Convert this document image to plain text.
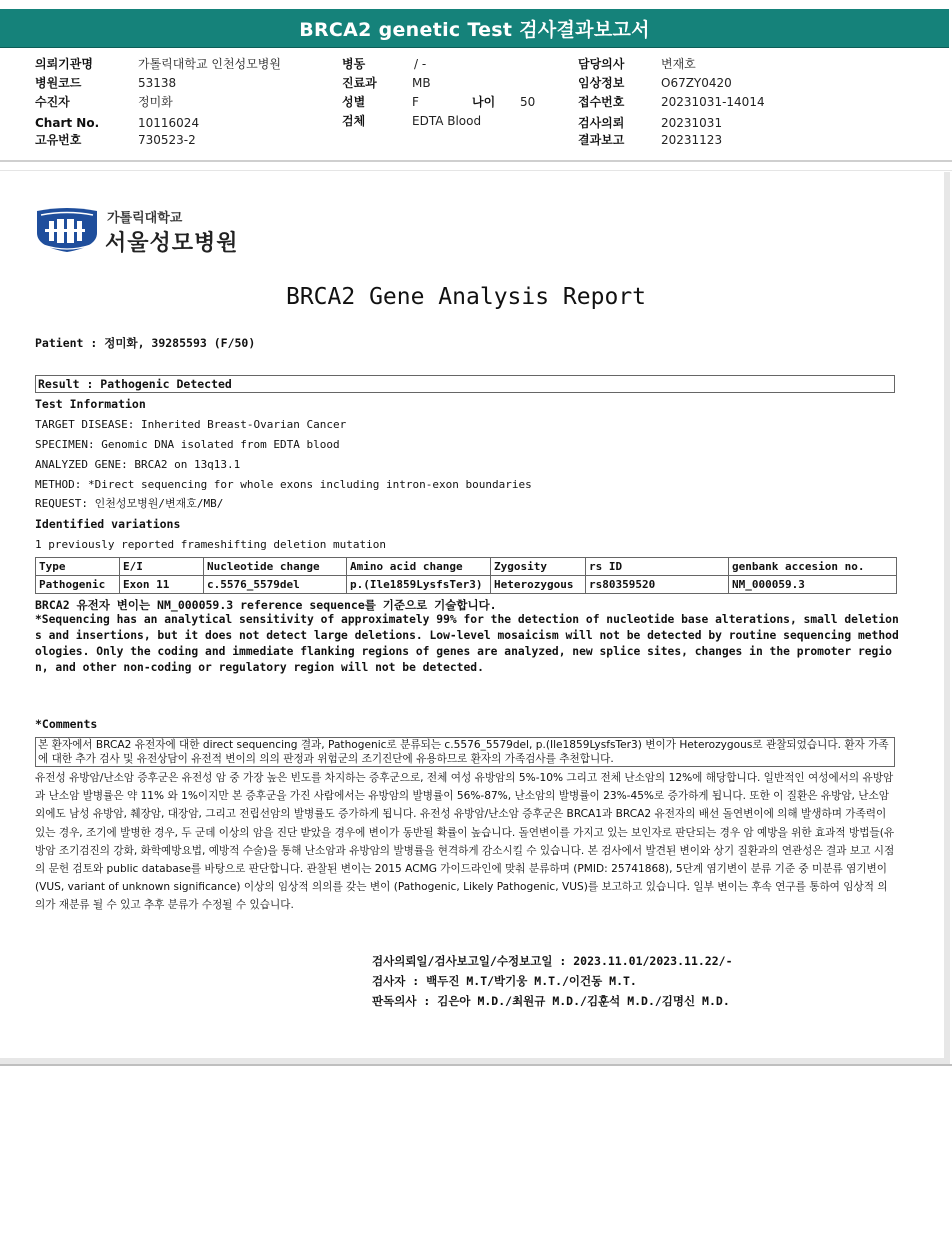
BRCA2 genetic Test 검사결과보고서
의뢰기관명	가톨릭대학교 인천성모병원
병원코드	53138
수진자	정미화
Chart No.	10116024
고유번호	730523-2
병동	/ -
진료과	MB
성별	F	나이 50
검체	EDTA Blood
담당의사	변재호
임상정보	O67ZY0420
접수번호	20231031-14014
검사의뢰	20231031
결과보고	20231123
가톨릭대학교
서울성모병원
BRCA2 Gene Analysis Report
Patient : 정미화, 39285593 (F/50)
Result : Pathogenic Detected
Test Information
TARGET DISEASE: Inherited Breast-Ovarian Cancer
SPECIMEN: Genomic DNA isolated from EDTA blood
ANALYZED GENE: BRCA2 on 13q13.1
METHOD: *Direct sequencing for whole exons including intron-exon boundaries
REQUEST: 인천성모병원/변재호/MB/
Identified variations
1 previously reported frameshifting deletion mutation
Type	E/I	Nucleotide change	Amino acid change	Zygosity	rs ID	genbank accesion no.
Pathogenic	Exon 11	c.5576_5579del	p.(Ile1859LysfsTer3)	Heterozygous	rs80359520	NM_000059.3
BRCA2 유전자 변이는 NM_000059.3 reference sequence를 기준으로 기술합니다.
*Sequencing has an analytical sensitivity of approximately 99% for the detection of nucleotide base alterations, small deletions and insertions, but it does not detect large deletions. Low-level mosaicism will not be detected by routine sequencing methodologies. Only the coding and immediate flanking regions of genes are analyzed, new splice sites, changes in the promoter region, and other non-coding or regulatory region will not be detected.
*Comments
본 환자에서 BRCA2 유전자에 대한 direct sequencing 결과, Pathogenic로 분류되는 c.5576_5579del, p.(Ile1859LysfsTer3) 변이가 Heterozygous로 관찰되었습니다. 환자 가족에 대한 추가 검사 및 유전상담이 유전적 변이의 의의 판정과 위험군의 조기진단에 유용하므로 환자의 가족검사를 추천합니다.
유전성 유방암/난소암 증후군은 유전성 암 중 가장 높은 빈도를 차지하는 증후군으로, 전체 여성 유방암의 5%-10% 그리고 전체 난소암의 12%에 해당합니다. 일반적인 여성에서의 유방암과 난소암 발병률은 약 11% 와 1%이지만 본 증후군을 가진 사람에서는 유방암의 발병률이 56%-87%, 난소암의 발병률이 23%-45%로 증가하게 됩니다. 또한 이 질환은 유방암, 난소암 외에도 남성 유방암, 췌장암, 대장암, 그리고 전립선암의 발병률도 증가하게 됩니다. 유전성 유방암/난소암 증후군은 BRCA1과 BRCA2 유전자의 배선 돌연변이에 의해 발생하며 가족력이 있는 경우, 조기에 발병한 경우, 두 군데 이상의 암을 진단 받았을 경우에 변이가 동반될 확률이 높습니다. 돌연변이를 가지고 있는 보인자로 판단되는 경우 암 예방을 위한 효과적 방법들(유방암 조기검진의 강화, 화학예방요법, 예방적 수술)을 통해 난소암과 유방암의 발병률을 현격하게 감소시킬 수 있습니다. 본 검사에서 발견된 변이와 상기 질환과의 연관성은 결과 보고 시점의 문헌 검토와 public database를 바탕으로 판단합니다. 관찰된 변이는 2015 ACMG 가이드라인에 맞춰 분류하며 (PMID: 25741868), 5단계 염기변이 분류 기준 중 미분류 염기변이 (VUS, variant of unknown significance) 이상의 임상적 의의를 갖는 변이 (Pathogenic, Likely Pathogenic, VUS)를 보고하고 있습니다. 일부 변이는 후속 연구를 통하여 임상적 의의가 재분류 될 수 있고 추후 분류가 수정될 수 있습니다.
검사의뢰일/검사보고일/수정보고일 : 2023.11.01/2023.11.22/-
검사자 : 백두진 M.T/박기웅 M.T./이건동 M.T.
판독의사 : 김은아 M.D./최원규 M.D./김훈석 M.D./김명신 M.D.
